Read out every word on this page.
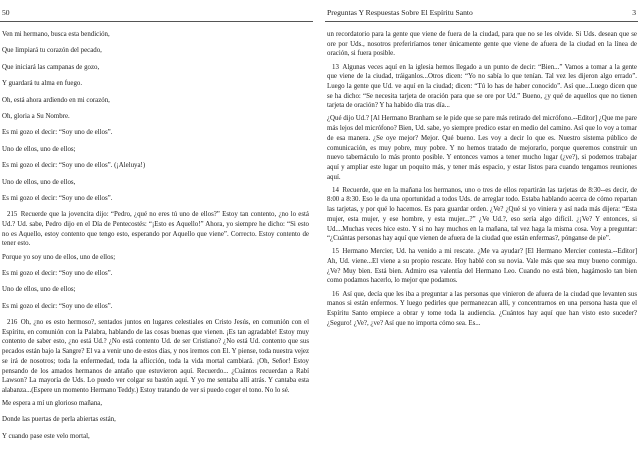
50
Ven mi hermano, busca esta bendición,
Que limpiará tu corazón del pecado,
Que iniciará las campanas de gozo,
Y guardará tu alma en fuego.
Oh, está ahora ardiendo en mi corazón,
Oh, gloria a Su Nombre.
Es mi gozo el decir: “Soy uno de ellos”.
Uno de ellos, uno de ellos;
Es mi gozo el decir: “Soy uno de ellos”. (¡Aleluya!)
Uno de ellos, uno de ellos,
Es mi gozo el decir: “Soy uno de ellos”.
215  Recuerde que la jovencita dijo: “Pedro, ¿qué no eres tú uno de ellos?” Estoy tan contento, ¿no lo está Ud.? Ud. sabe, Pedro dijo en el Día de Pentecostés: “¡Esto es Aquello!” Ahora, yo siempre he dicho: “Si esto no es Aquello, estoy contento que tengo esto, esperando por Aquello que viene”. Correcto. Estoy contento de tener esto.
Porque yo soy uno de ellos, uno de ellos;
Es mi gozo el decir: “Soy uno de ellos”.
Uno de ellos, uno de ellos;
Es mi gozo el decir: “Soy uno de ellos”.
216  Oh, ¿no es esto hermoso?, sentados juntos en lugares celestiales en Cristo Jesús, en comunión con el Espíritu, en comunión con la Palabra, hablando de las cosas buenas que vienen. ¡Es tan agradable! Estoy muy contento de saber esto, ¿no está Ud.? ¿No está contento Ud. de ser Cristiano? ¿No está Ud. contento que sus pecados están bajo la Sangre? El va a venir uno de estos días, y nos iremos con El. Y piense, toda nuestra vejez se irá de nosotros; toda la enfermedad, toda la aflicción, toda la vida mortal cambiará. ¡Oh, Señor! Estoy pensando de los amados hermanos de antaño que estuvieron aquí. Recuerdo... ¿Cuántos recuerdan a Rabí Lawson? La mayoría de Uds. Lo puedo ver colgar su bastón aquí. Y yo me sentaba allí atrás. Y cantaba esta alabanza...(Espere un momento Hermano Teddy.) Estoy tratando de ver si puedo coger el tono. No lo sé.
Me espera a mí un glorioso mañana,
Donde las puertas de perla abiertas están,
Y cuando pase este velo mortal,
Preguntas Y Respuestas Sobre El Espíritu Santo	3
un recordatorio para la gente que viene de fuera de la ciudad, para que no se les olvide. Si Uds. desean que se ore por Uds., nosotros preferiríamos tener únicamente gente que viene de afuera de la ciudad en la línea de oración, si fuera posible.
13  Algunas veces aquí en la iglesia hemos llegado a un punto de decir: “Bien...” Vamos a tomar a la gente que viene de la ciudad, tráiganlos...Otros dicen: “Yo no sabía lo que tenían. Tal vez les dijeron algo errado”. Luego la gente que Ud. ve aquí en la ciudad; dicen: “Tú lo has de haber conocido”. Así que...Luego dicen que se ha dicho: “Se necesita tarjeta de oración para que se ore por Ud.” Bueno, ¿y qué de aquellos que no tienen tarjeta de oración? Y ha habido día tras día...
¿Qué dijo Ud.? [Al Hermano Branham se le pide que se pare más retirado del micrófono.--Editor] ¿Que me pare más lejos del micrófono? Bien, Ud. sabe, yo siempre predico estar en medio del camino. Así que lo voy a tomar de esa manera. ¿Se oye mejor? Mejor. Qué bueno. Les voy a decir lo que es. Nuestro sistema público de comunicación, es muy pobre, muy pobre. Y no hemos tratado de mejorarlo, porque queremos construir un nuevo tabernáculo lo más pronto posible. Y entonces vamos a tener mucho lugar (¿ve?), si podemos trabajar aquí y ampliar este lugar un poquito más, y tener más espacio, y estar listos para cuando tengamos reuniones aquí.
14  Recuerde, que en la mañana los hermanos, uno o tres de ellos repartirán las tarjetas de 8:30--es decir, de 8:00 a 8:30. Eso le da una oportunidad a todos Uds. de arreglar todo. Estaba hablando acerca de cómo repartan las tarjetas, y por qué lo hacemos. Es para guardar orden. ¿Ve? ¿Qué si yo viniera y así nada más dijera: “Esta mujer, esta mujer, y ese hombre, y esta mujer...?” ¿Ve Ud.?, eso sería algo difícil. ¿¡Ve? Y entonces, si Ud....Muchas veces hice esto. Y si no hay muchos en la mañana, tal vez haga la misma cosa. Voy a preguntar: “¿Cuántas personas hay aquí que vienen de afuera de la ciudad que están enfermas?, pónganse de pie”.
15  Hermano Mercier, Ud. ha venido a mi rescate. ¿Me va ayudar? [El Hermano Mercier contesta.--Editor] Ah, Ud. viene...El viene a su propio rescate. Hoy hablé con su novia. Vale más que sea muy bueno conmigo. ¿Ve? Muy bien. Está bien. Admiro esa valentía del Hermano Leo. Cuando no está bien, hagámoslo tan bien como podamos hacerlo, lo mejor que podamos.
16  Así que, decía que les iba a preguntar a las personas que vinieron de afuera de la ciudad que levanten sus manos si están enfermos. Y luego pedirles que permanezcan allí, y concentrarnos en una persona hasta que el Espíritu Santo empiece a obrar y tome toda la audiencia. ¿Cuántos hay aquí que han visto esto suceder? ¿Seguro! ¿Ve?, ¿ve? Así que no importa cómo sea. Es...
